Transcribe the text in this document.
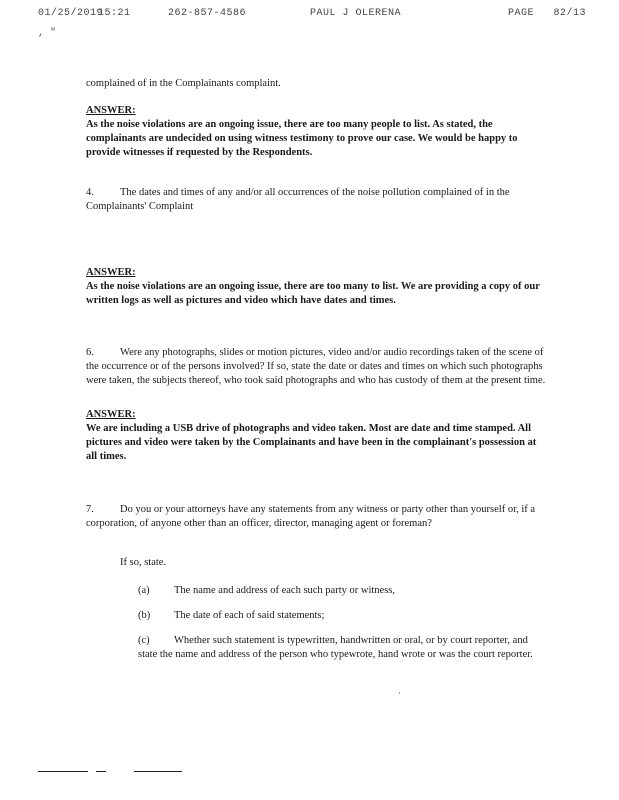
01/25/2019
15:21	262-857-4586	PAUL J OLERENA	PAGE 82/13
, "

complained of in the Complainants complaint.

ANSWER:
As the noise violations are an ongoing issue, there are too many people to list. As stated, the complainants are undecided on using witness testimony to prove our case. We would be happy to provide witnesses if requested by the Respondents.
4. The dates and times of any and/or all occurrences of the noise pollution complained of in the Complainants' Complaint
ANSWER:
As the noise violations are an ongoing issue, there are too many to list. We are providing a copy of our written logs as well as pictures and video which have dates and times.
6. Were any photographs, slides or motion pictures, video and/or audio recordings taken of the scene of the occurrence or of the persons involved? If so, state the date or dates and times on which such photographs were taken, the subjects thereof, who took said photographs and who has custody of them at the present time.
ANSWER:
We are including a USB drive of photographs and video taken. Most are date and time stamped. All pictures and video were taken by the Complainants and have been in the complainant's possession at all times.
7. Do you or your attorneys have any statements from any witness or party other than yourself or, if a corporation, of anyone other than an officer, director, managing agent or foreman?

If so, state.

(a) The name and address of each such party or witness,

(b) The date of each of said statements;

(c) Whether such statement is typewritten, handwritten or oral, or by court reporter, and state the name and address of the person who typewrote, hand wrote or was the court reporter.

·
